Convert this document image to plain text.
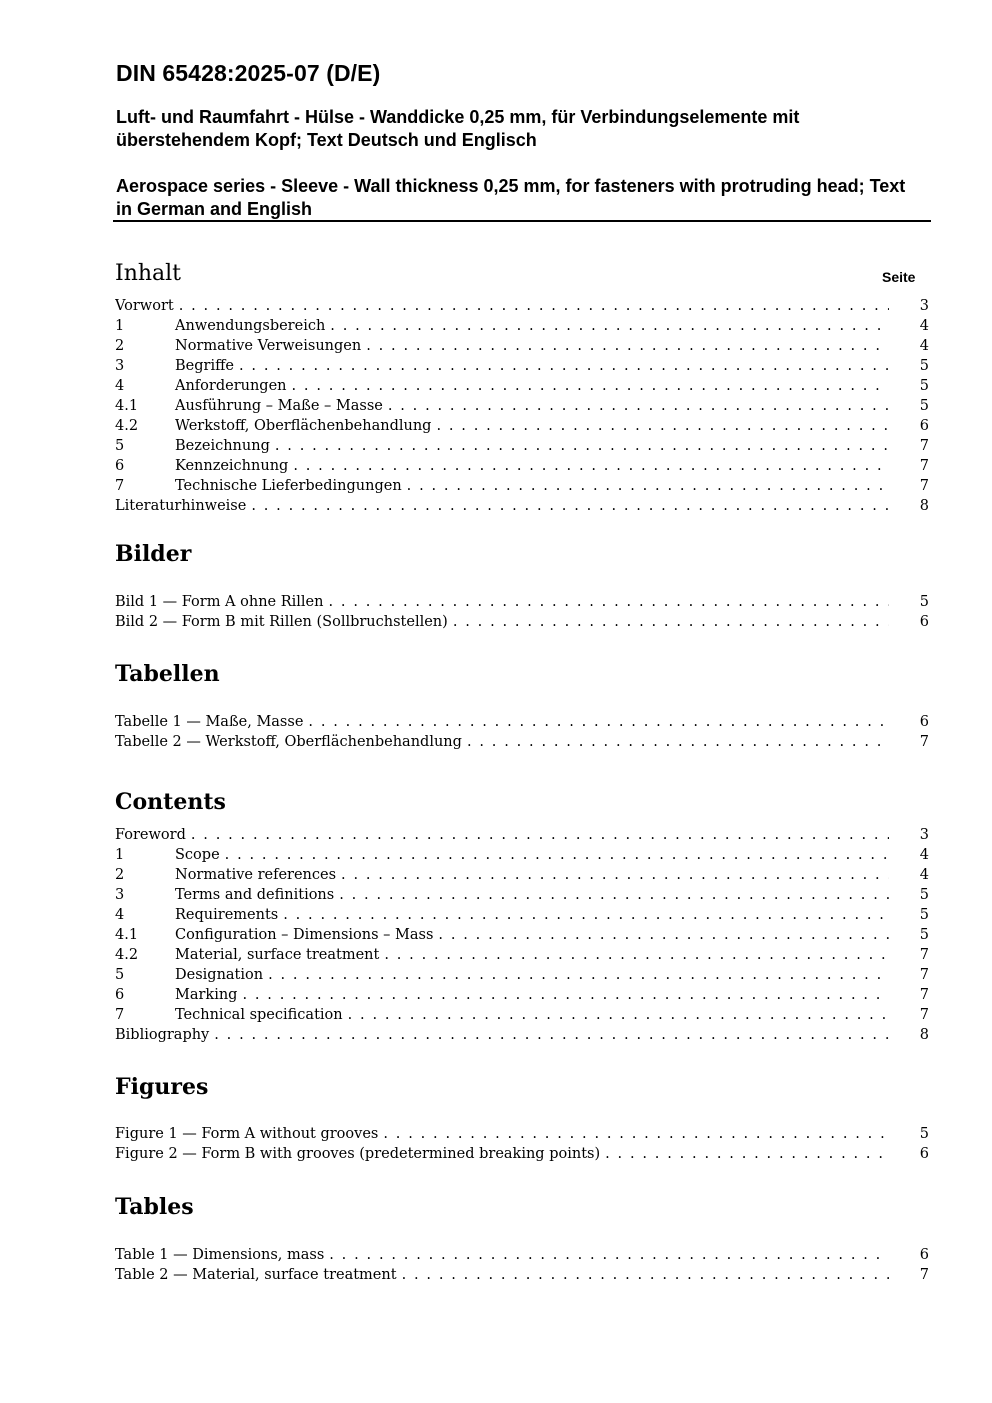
DIN 65428:2025-07 (D/E)
Luft- und Raumfahrt - Hülse - Wanddicke 0,25 mm, für Verbindungselemente mit überstehendem Kopf; Text Deutsch und Englisch
Aerospace series - Sleeve - Wall thickness 0,25 mm, for fasteners with protruding head; Text in German and English
Inhalt	Seite
Vorwort . . .	3
1	Anwendungsbereich . . .	4
2	Normative Verweisungen . . .	4
3	Begriffe . . .	5
4	Anforderungen . . .	5
4.1	Ausführung – Maße – Masse . . .	5
4.2	Werkstoff, Oberflächenbehandlung . . .	6
5	Bezeichnung . . .	7
6	Kennzeichnung . . .	7
7	Technische Lieferbedingungen . . .	7
Literaturhinweise . . .	8
Bilder
Bild 1 — Form A ohne Rillen . . .	5
Bild 2 — Form B mit Rillen (Sollbruchstellen) . . .	6
Tabellen
Tabelle 1 — Maße, Masse . . .	6
Tabelle 2 — Werkstoff, Oberflächenbehandlung . . .	7
Contents
Foreword . . .	3
1	Scope . . .	4
2	Normative references . . .	4
3	Terms and definitions . . .	5
4	Requirements . . .	5
4.1	Configuration – Dimensions – Mass . . .	5
4.2	Material, surface treatment . . .	7
5	Designation . . .	7
6	Marking . . .	7
7	Technical specification . . .	7
Bibliography . . .	8
Figures
Figure 1 — Form A without grooves . . .	5
Figure 2 — Form B with grooves (predetermined breaking points) . . .	6
Tables
Table 1 — Dimensions, mass . . .	6
Table 2 — Material, surface treatment . . .	7
